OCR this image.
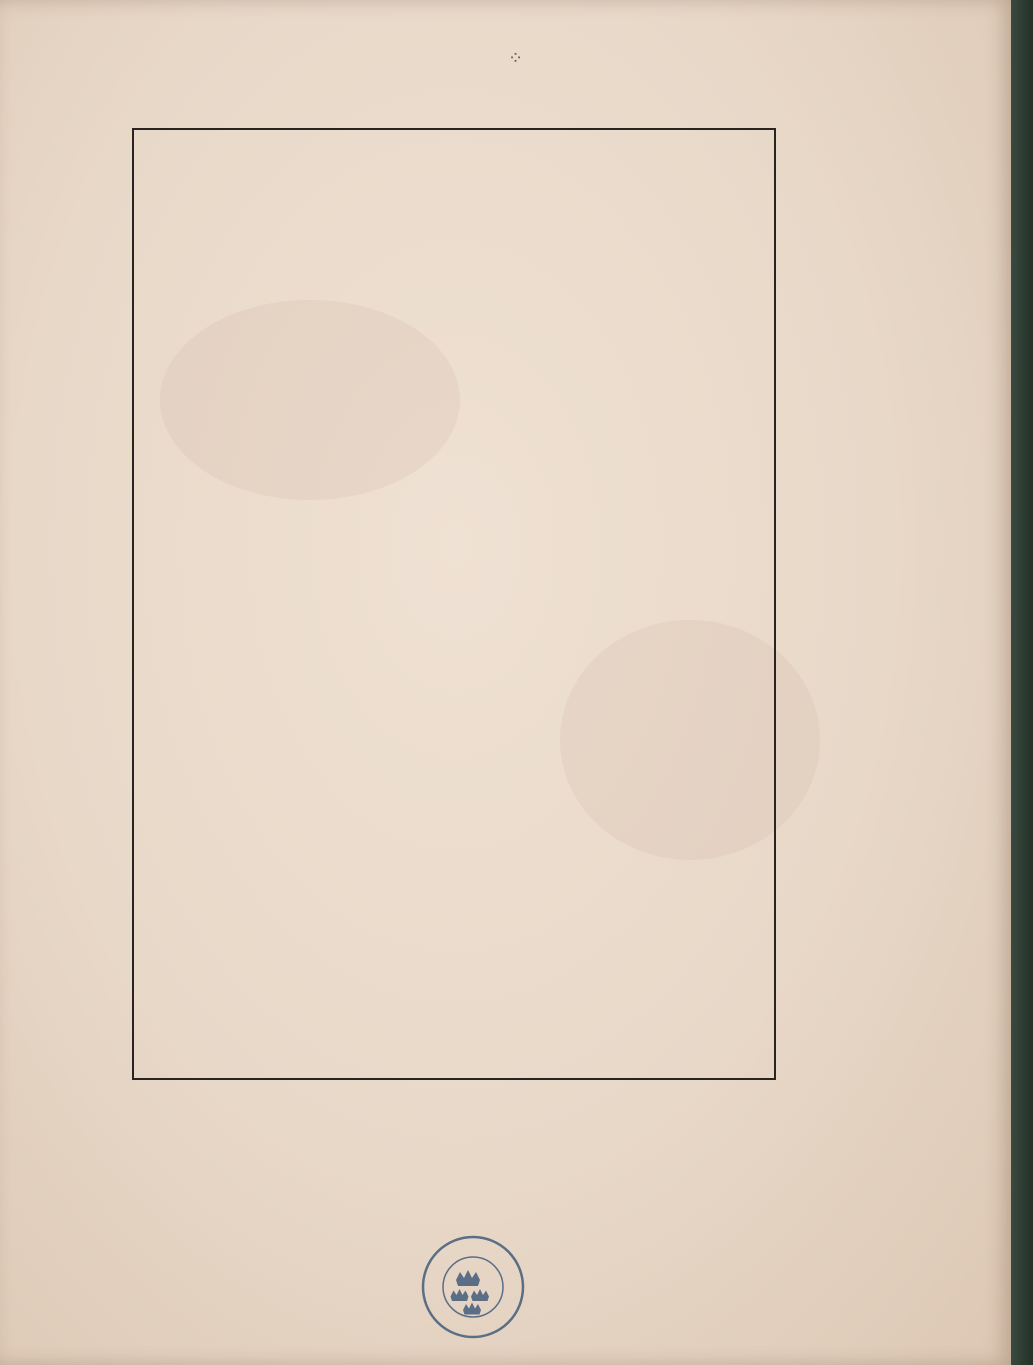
⁘
